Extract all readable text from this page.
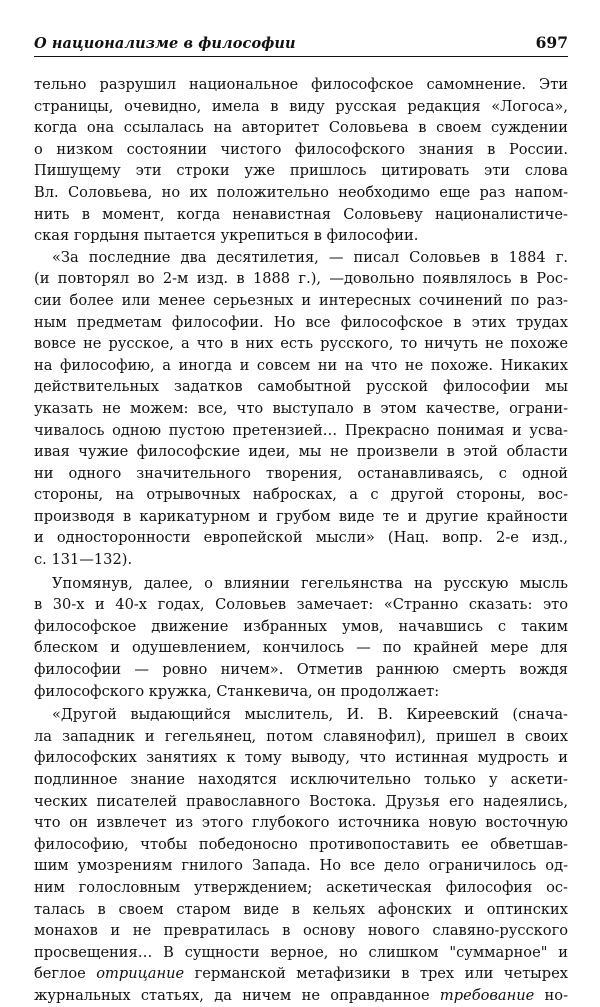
О национализме в философии	697

тельно разрушил национальное философское самомнение. Эти
страницы, очевидно, имела в виду русская редакция «Логоса»,
когда она ссылалась на авторитет Соловьева в своем суждении
о низком состоянии чистого философского знания в России.
Пишущему эти строки уже пришлось цитировать эти слова
Вл. Соловьева, но их положительно необходимо еще раз напом-
нить в момент, когда ненавистная Соловьеву националистиче-
ская гордыня пытается укрепиться в философии.

«За последние два десятилетия, — писал Соловьев в 1884 г.
(и повторял во 2-м изд. в 1888 г.), —довольно появлялось в Рос-
сии более или менее серьезных и интересных сочинений по раз-
ным предметам философии. Но все философское в этих трудах
вовсе не русское, а что в них есть русского, то ничуть не похоже
на философию, а иногда и совсем ни на что не похоже. Никаких
действительных задатков самобытной русской философии мы
указать не можем: все, что выступало в этом качестве, ограни-
чивалось одною пустою претензией… Прекрасно понимая и усва-
ивая чужие философские идеи, мы не произвели в этой области
ни одного значительного творения, останавливаясь, с одной
стороны, на отрывочных набросках, а с другой стороны, вос-
производя в карикатурном и грубом виде те и другие крайности
и односторонности европейской мысли» (Нац. вопр. 2-е изд.,
с. 131—132).

Упомянув, далее, о влиянии гегельянства на русскую мысль
в 30-х и 40-х годах, Соловьев замечает: «Странно сказать: это
философское движение избранных умов, начавшись с таким
блеском и одушевлением, кончилось — по крайней мере для
философии — ровно ничем». Отметив раннюю смерть вождя
философского кружка, Станкевича, он продолжает:

«Другой выдающийся мыслитель, И. В. Киреевский (снача-
ла западник и гегельянец, потом славянофил), пришел в своих
философских занятиях к тому выводу, что истинная мудрость и
подлинное знание находятся исключительно только у аскети-
ческих писателей православного Востока. Друзья его надеялись,
что он извлечет из этого глубокого источника новую восточную
философию, чтобы победоносно противопоставить ее обветшав-
шим умозрениям гнилого Запада. Но все дело ограничилось од-
ним голословным утверждением; аскетическая философия ос-
талась в своем старом виде в кельях афонских и оптинских
монахов и не превратилась в основу нового славяно-русского
просвещения… В сущности верное, но слишком "суммарное" и
беглое отрицание германской метафизики в трех или четырех
журнальных статьях, да ничем не оправданное требование но-
